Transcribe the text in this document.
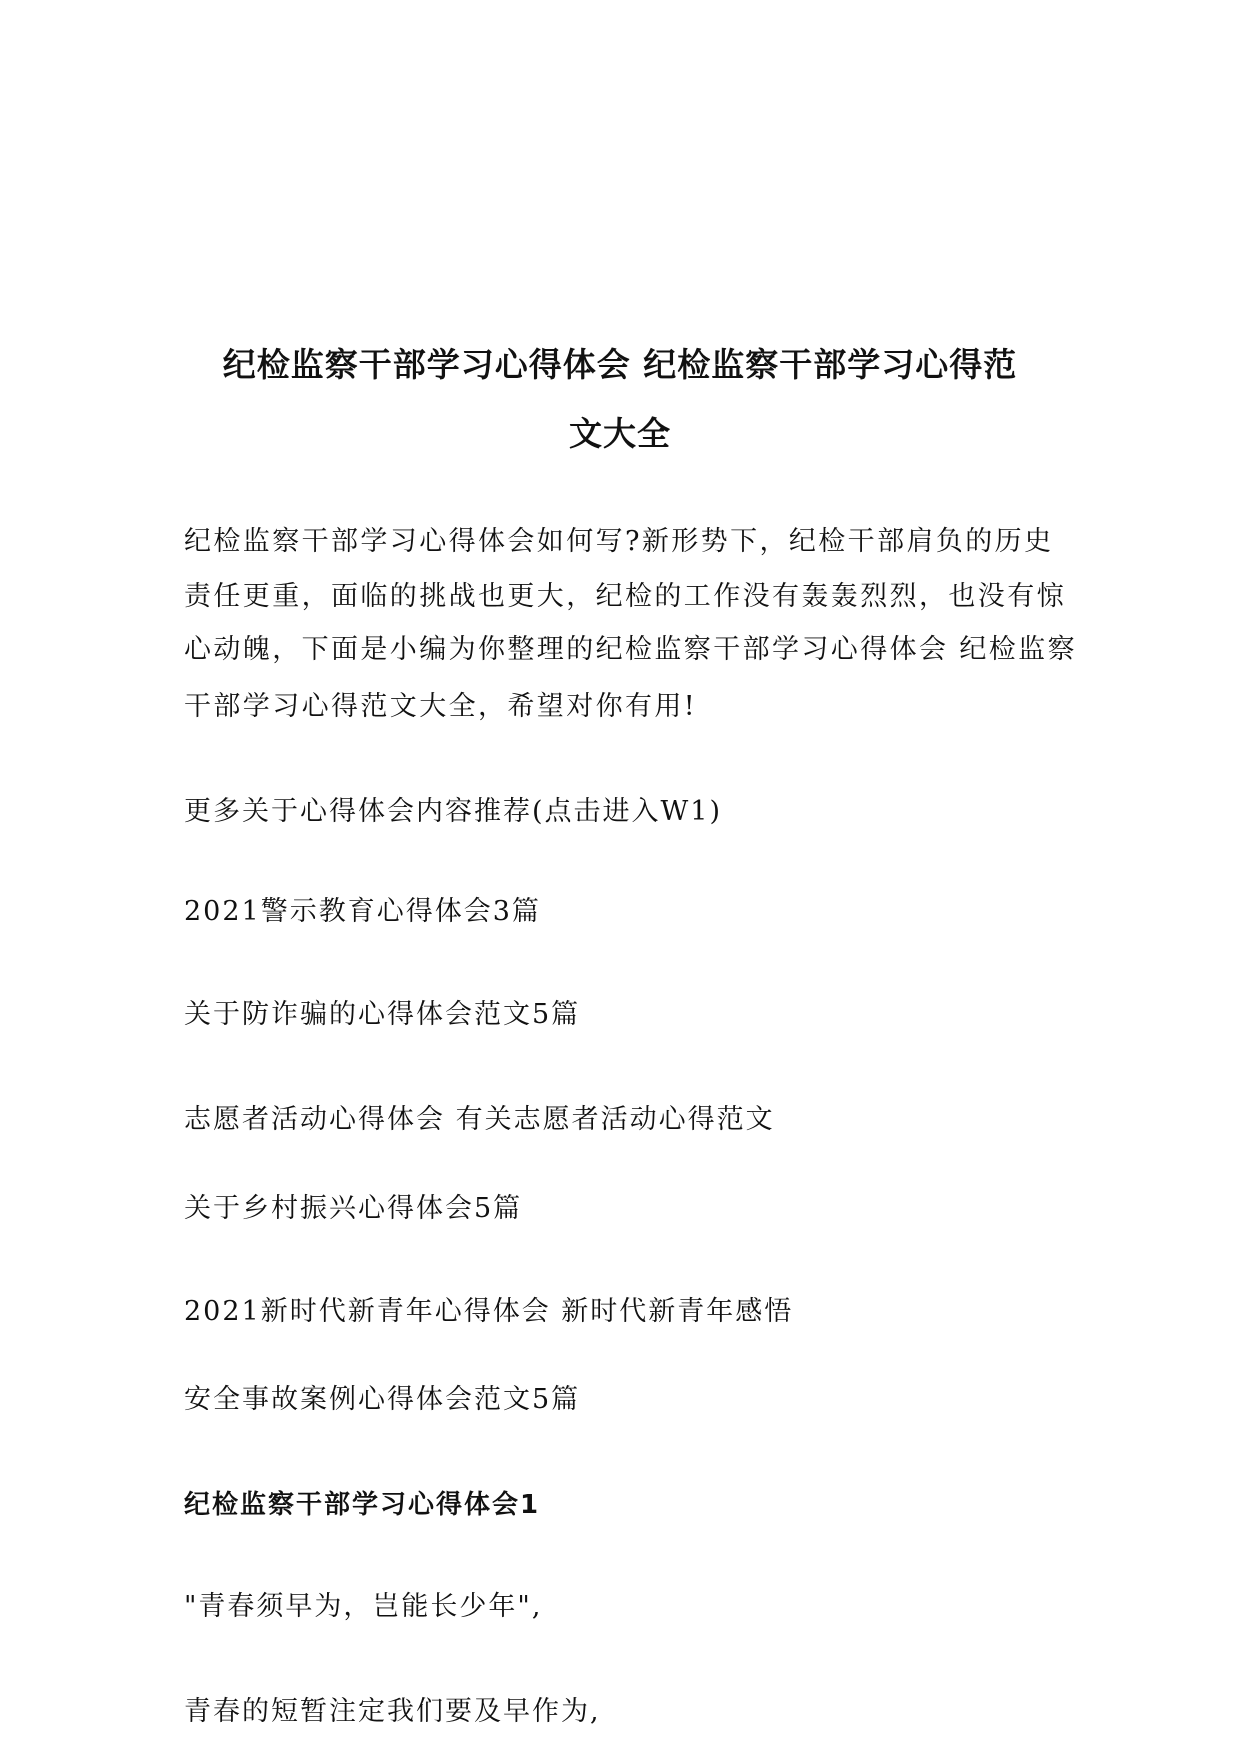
纪检监察干部学习心得体会 纪检监察干部学习心得范
文大全
纪检监察干部学习心得体会如何写?新形势下，纪检干部肩负的历史
责任更重，面临的挑战也更大，纪检的工作没有轰轰烈烈，也没有惊
心动魄，下面是小编为你整理的纪检监察干部学习心得体会 纪检监察
干部学习心得范文大全，希望对你有用!

更多关于心得体会内容推荐(点击进入W1)

2021警示教育心得体会3篇

关于防诈骗的心得体会范文5篇

志愿者活动心得体会 有关志愿者活动心得范文

关于乡村振兴心得体会5篇

2021新时代新青年心得体会 新时代新青年感悟

安全事故案例心得体会范文5篇

纪检监察干部学习心得体会1

"青春须早为，岂能长少年",

青春的短暂注定我们要及早作为,
